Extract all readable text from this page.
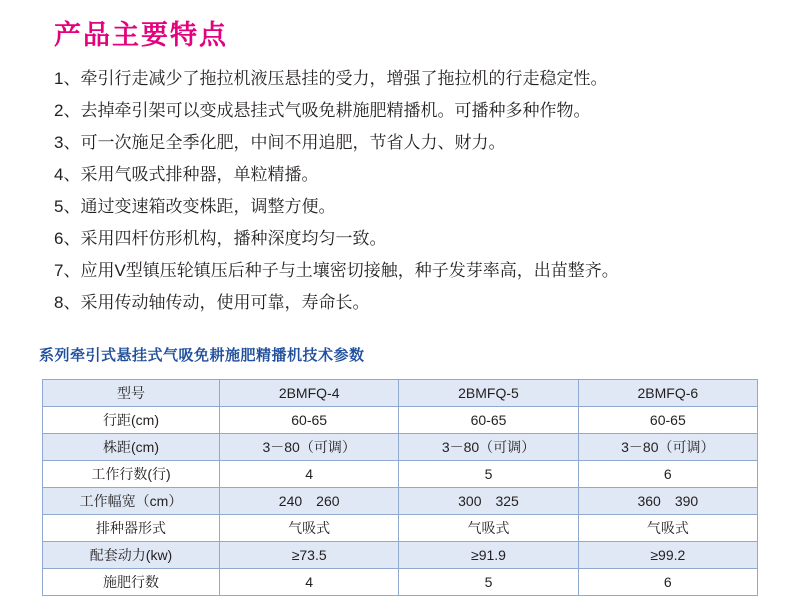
产品主要特点
1、牵引行走减少了拖拉机液压悬挂的受力，增强了拖拉机的行走稳定性。
2、去掉牵引架可以变成悬挂式气吸免耕施肥精播机。可播种多种作物。
3、可一次施足全季化肥，中间不用追肥，节省人力、财力。
4、采用气吸式排种器，单粒精播。
5、通过变速箱改变株距，调整方便。
6、采用四杆仿形机构，播种深度均匀一致。
7、应用V型镇压轮镇压后种子与土壤密切接触，种子发芽率高，出苗整齐。
8、采用传动轴传动，使用可靠，寿命长。
系列牵引式悬挂式气吸免耕施肥精播机技术参数
型号	2BMFQ-4	2BMFQ-5	2BMFQ-6
行距(cm)	60-65	60-65	60-65
株距(cm)	3－80（可调）	3－80（可调）	3－80（可调）
工作行数(行)	4	5	6
工作幅宽（cm）	240　260	300　325	360　390
排种器形式	气吸式	气吸式	气吸式
配套动力(kw)	≥73.5	≥91.9	≥99.2
施肥行数	4	5	6
